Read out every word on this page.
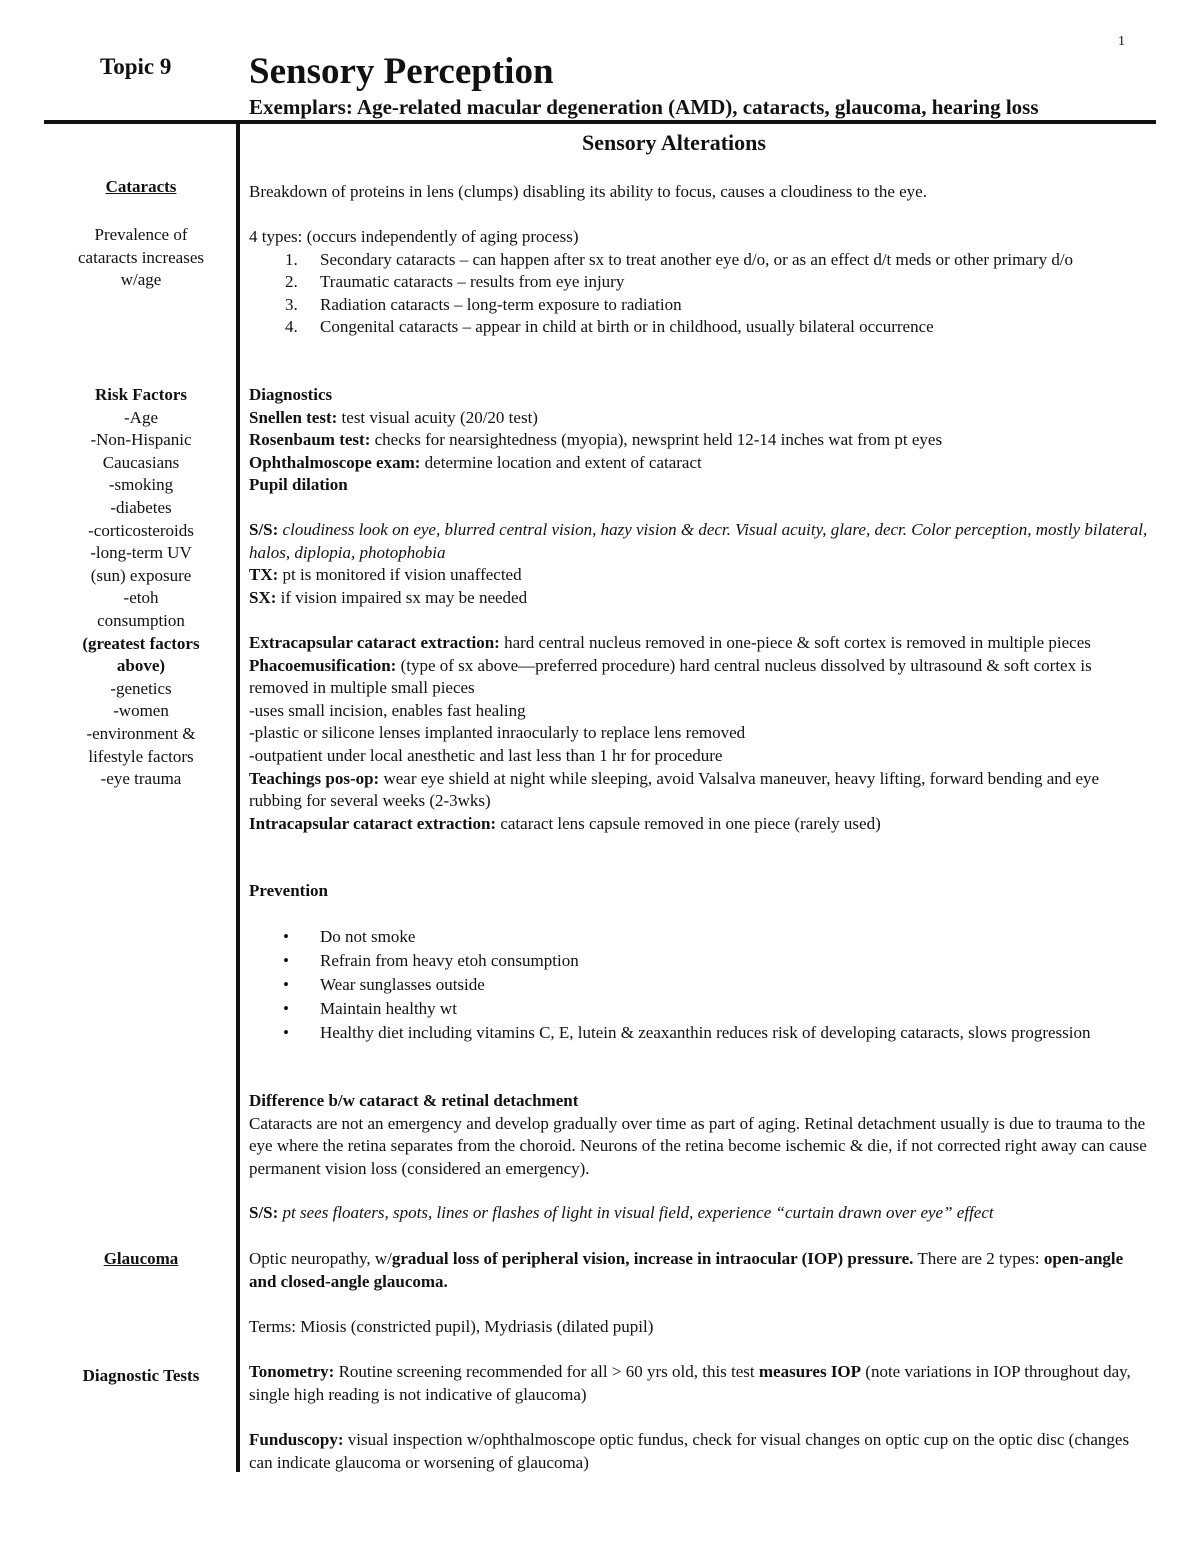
1
Topic 9 Sensory Perception
Exemplars: Age-related macular degeneration (AMD), cataracts, glaucoma, hearing loss
Sensory Alterations
Cataracts
Prevalence of
cataracts increases
w/age
Risk Factors
-Age
-Non-Hispanic
Caucasians
-smoking
-diabetes
-corticosteroids
-long-term UV
(sun) exposure
-etoh
consumption
(greatest factors
above)
-genetics
-women
-environment &
lifestyle factors
-eye trauma
Glaucoma
Diagnostic Tests
Breakdown of proteins in lens (clumps) disabling its ability to focus, causes a cloudiness to the eye.
4 types: (occurs independently of aging process)
1. Secondary cataracts – can happen after sx to treat another eye d/o, or as an effect d/t meds or other primary d/o
2. Traumatic cataracts – results from eye injury
3. Radiation cataracts – long-term exposure to radiation
4. Congenital cataracts – appear in child at birth or in childhood, usually bilateral occurrence
Diagnostics
Snellen test: test visual acuity (20/20 test)
Rosenbaum test: checks for nearsightedness (myopia), newsprint held 12-14 inches wat from pt eyes
Ophthalmoscope exam: determine location and extent of cataract
Pupil dilation
S/S: cloudiness look on eye, blurred central vision, hazy vision & decr. Visual acuity, glare, decr. Color perception, mostly bilateral, halos, diplopia, photophobia
TX: pt is monitored if vision unaffected
SX: if vision impaired sx may be needed
Extracapsular cataract extraction: hard central nucleus removed in one-piece & soft cortex is removed in multiple pieces
Phacoemusification: (type of sx above—preferred procedure) hard central nucleus dissolved by ultrasound & soft cortex is    removed in multiple small pieces
-uses small incision, enables fast healing
-plastic or silicone lenses implanted inraocularly to replace lens removed
-outpatient under local anesthetic and last less than 1 hr for procedure
Teachings pos-op: wear eye shield at night while sleeping, avoid Valsalva maneuver, heavy lifting, forward bending and eye rubbing for several weeks (2-3wks)
Intracapsular cataract extraction: cataract lens capsule removed in one piece (rarely used)
Prevention
• Do not smoke
• Refrain from heavy etoh consumption
• Wear sunglasses outside
• Maintain healthy wt
• Healthy diet including vitamins C, E, lutein & zeaxanthin reduces risk of developing cataracts, slows progression
Difference b/w cataract & retinal detachment
Cataracts are not an emergency and develop gradually over time as part of aging. Retinal detachment usually is due to trauma to the eye where the retina separates from the choroid. Neurons of the retina become ischemic & die, if not corrected right away can cause permanent vision loss (considered an emergency).
S/S: pt sees floaters, spots, lines or flashes of light in visual field, experience “curtain drawn over eye” effect
Optic neuropathy, w/gradual loss of peripheral vision, increase in intraocular (IOP) pressure. There are 2 types: open-angle and closed-angle glaucoma.
Terms: Miosis (constricted pupil), Mydriasis (dilated pupil)
Tonometry: Routine screening recommended for all > 60 yrs old, this test measures IOP (note variations in IOP throughout day, single high reading is not indicative of glaucoma)
Funduscopy: visual inspection w/ophthalmoscope optic fundus, check for visual changes on optic cup on the optic disc (changes can indicate glaucoma or worsening of glaucoma)
